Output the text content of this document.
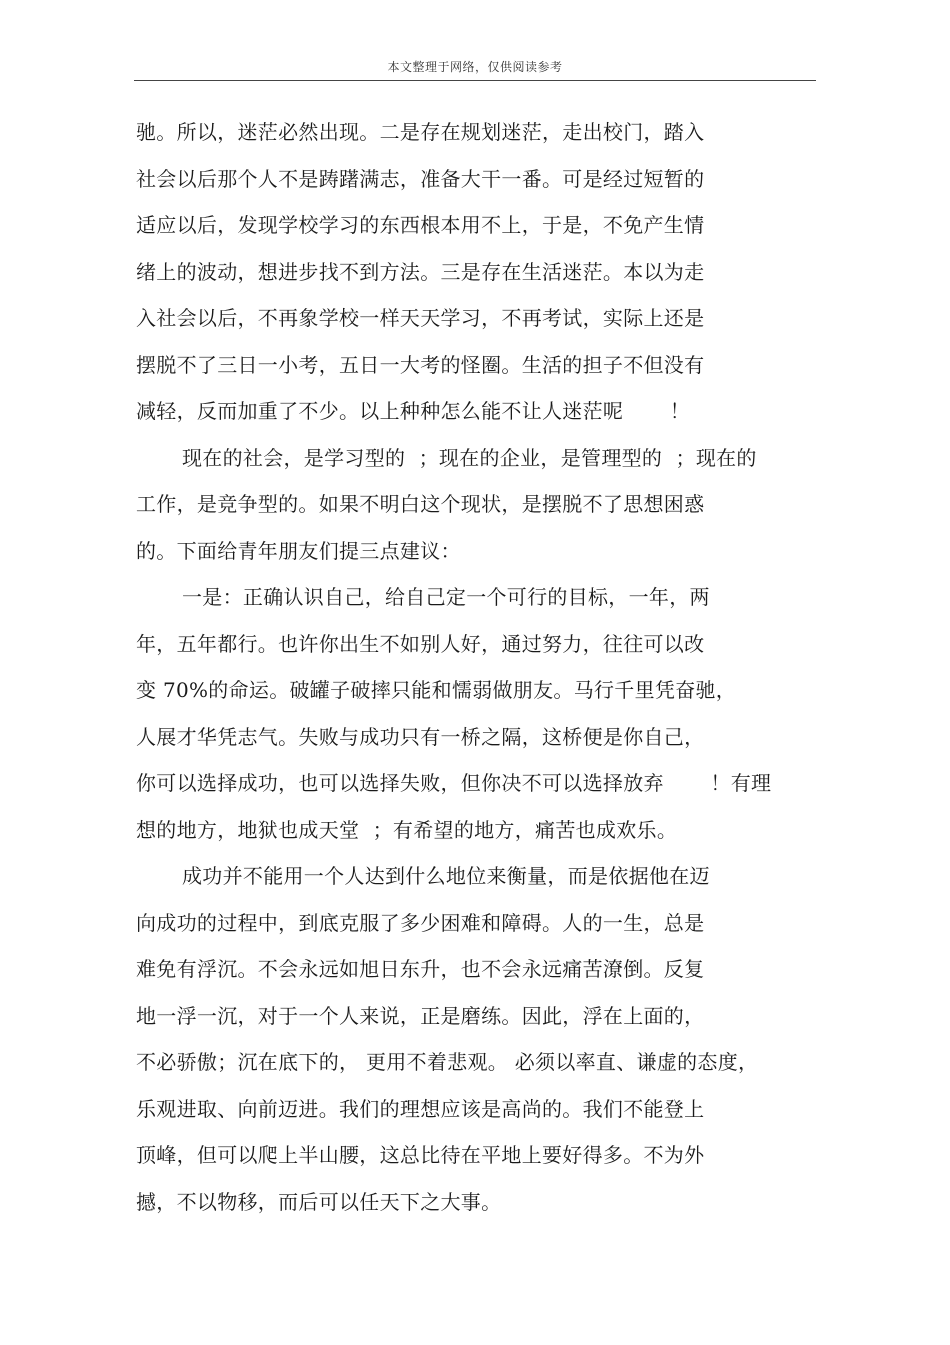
本文整理于网络，仅供阅读参考
驰。所以，迷茫必然出现。二是存在规划迷茫，走出校门，踏入
社会以后那个人不是踌躇满志，准备大干一番。可是经过短暂的
适应以后，发现学校学习的东西根本用不上，于是，不免产生情
绪上的波动，想进步找不到方法。三是存在生活迷茫。本以为走
入社会以后，不再象学校一样天天学习，不再考试，实际上还是
摆脱不了三日一小考，五日一大考的怪圈。生活的担子不但没有
减轻，反而加重了不少。以上种种怎么能不让人迷茫呢       ！
现在的社会，是学习型的  ；现在的企业，是管理型的  ；现在的
工作，是竞争型的。如果不明白这个现状，是摆脱不了思想困惑
的。下面给青年朋友们提三点建议：
一是：正确认识自己，给自己定一个可行的目标，一年，两
年，五年都行。也许你出生不如别人好，通过努力，往往可以改
变 70%的命运。破罐子破摔只能和懦弱做朋友。马行千里凭奋驰，
人展才华凭志气。失败与成功只有一桥之隔，这桥便是你自己，
你可以选择成功，也可以选择失败，但你决不可以选择放弃       ！有理
想的地方，地狱也成天堂  ；有希望的地方，痛苦也成欢乐。
成功并不能用一个人达到什么地位来衡量，而是依据他在迈
向成功的过程中，到底克服了多少困难和障碍。人的一生，总是
难免有浮沉。不会永远如旭日东升，也不会永远痛苦潦倒。反复
地一浮一沉，对于一个人来说，正是磨练。因此，浮在上面的，
不必骄傲；沉在底下的， 更用不着悲观。 必须以率直、谦虚的态度，
乐观进取、向前迈进。我们的理想应该是高尚的。我们不能登上
顶峰，但可以爬上半山腰，这总比待在平地上要好得多。不为外
撼，不以物移，而后可以任天下之大事。
